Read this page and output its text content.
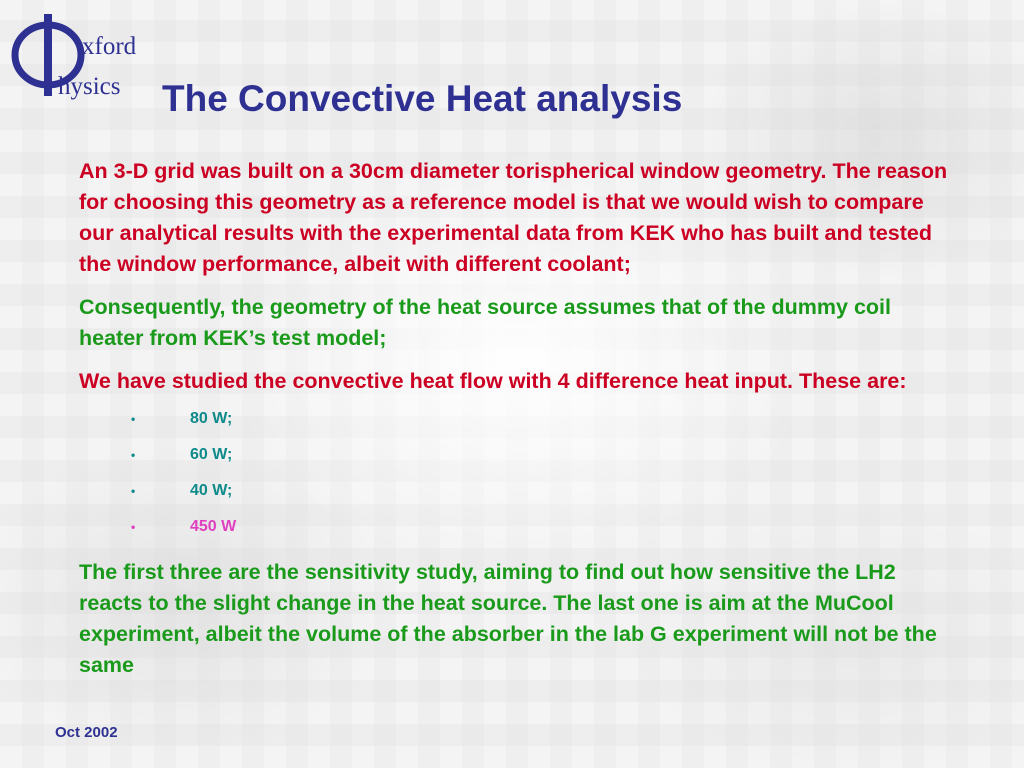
xford
hysics The Convective Heat analysis

An 3-D grid was built on a 30cm diameter torispherical window geometry. The reason for choosing this geometry as a reference model is that we would wish to compare our analytical results with the experimental data from KEK who has built and tested the window performance, albeit with different coolant;

Consequently, the geometry of the heat source assumes that of the dummy coil heater from KEK’s test model;

We have studied the convective heat flow with 4 difference heat input. These are:

•	80 W;
•	60 W;
•	40 W;
•	450 W

The first three are the sensitivity study, aiming to find out how sensitive the LH2 reacts to the slight change in the heat source. The last one is aim at the MuCool experiment, albeit the volume of the absorber in the lab G experiment will not be the same

Oct 2002
